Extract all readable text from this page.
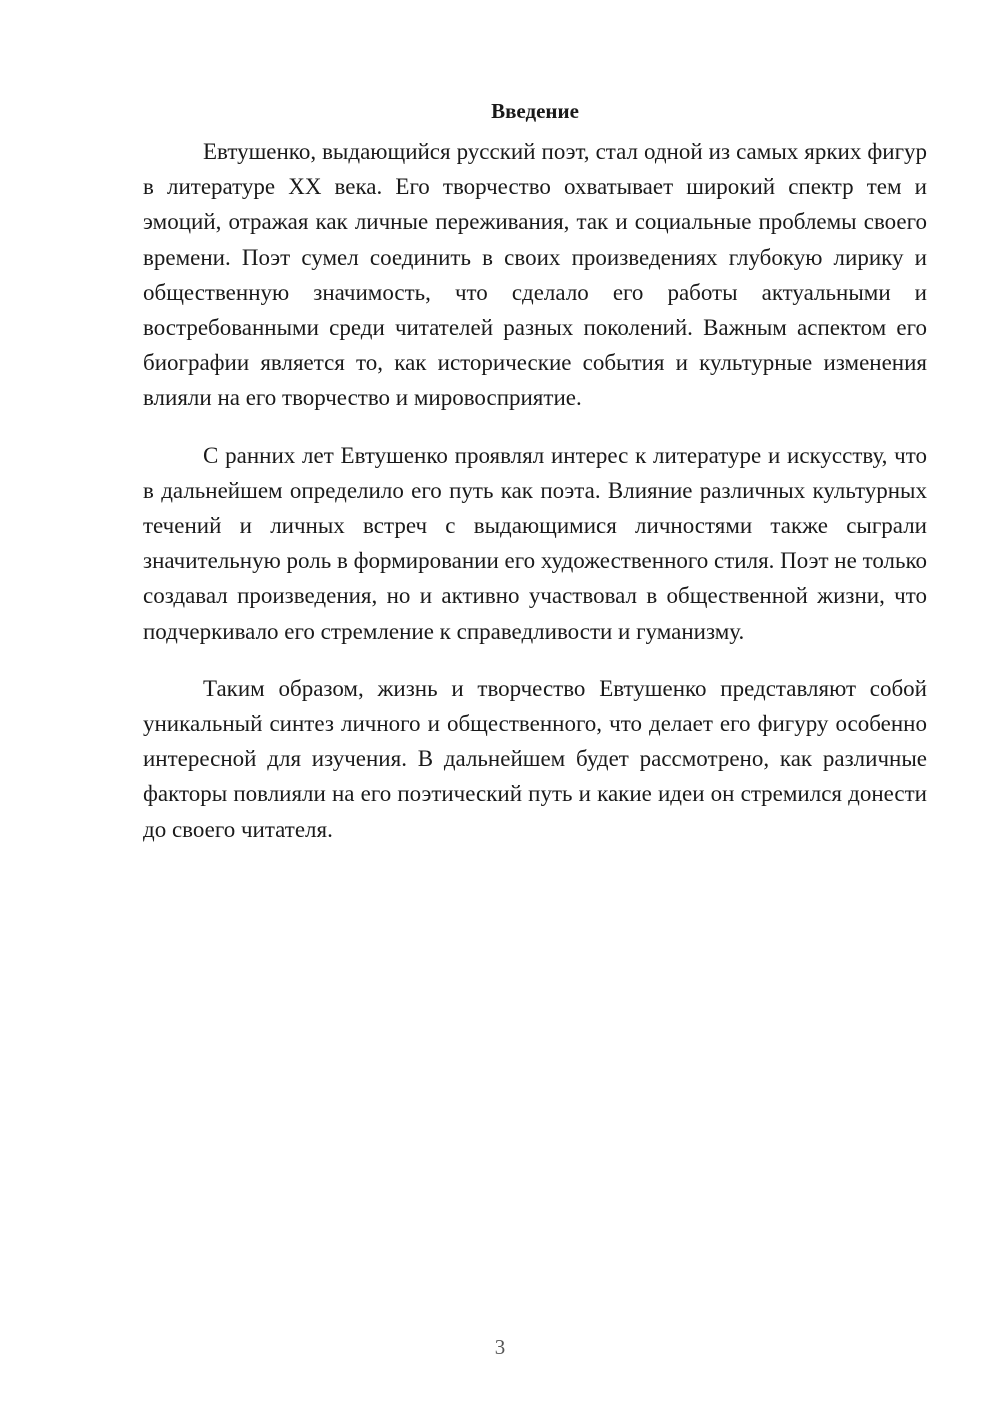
Введение

Евтушенко, выдающийся русский поэт, стал одной из самых ярких фигур в литературе XX века. Его творчество охватывает широкий спектр тем и эмоций, отражая как личные переживания, так и социальные проблемы своего времени. Поэт сумел соединить в своих произведениях глубокую лирику и общественную значимость, что сделало его работы актуальными и востребованными среди читателей разных поколений. Важным аспектом его биографии является то, как исторические события и культурные изменения влияли на его творчество и мировосприятие.

С ранних лет Евтушенко проявлял интерес к литературе и искусству, что в дальнейшем определило его путь как поэта. Влияние различных культурных течений и личных встреч с выдающимися личностями также сыграли значительную роль в формировании его художественного стиля. Поэт не только создавал произведения, но и активно участвовал в общественной жизни, что подчеркивало его стремление к справедливости и гуманизму.

Таким образом, жизнь и творчество Евтушенко представляют собой уникальный синтез личного и общественного, что делает его фигуру особенно интересной для изучения. В дальнейшем будет рассмотрено, как различные факторы повлияли на его поэтический путь и какие идеи он стремился донести до своего читателя.

3
